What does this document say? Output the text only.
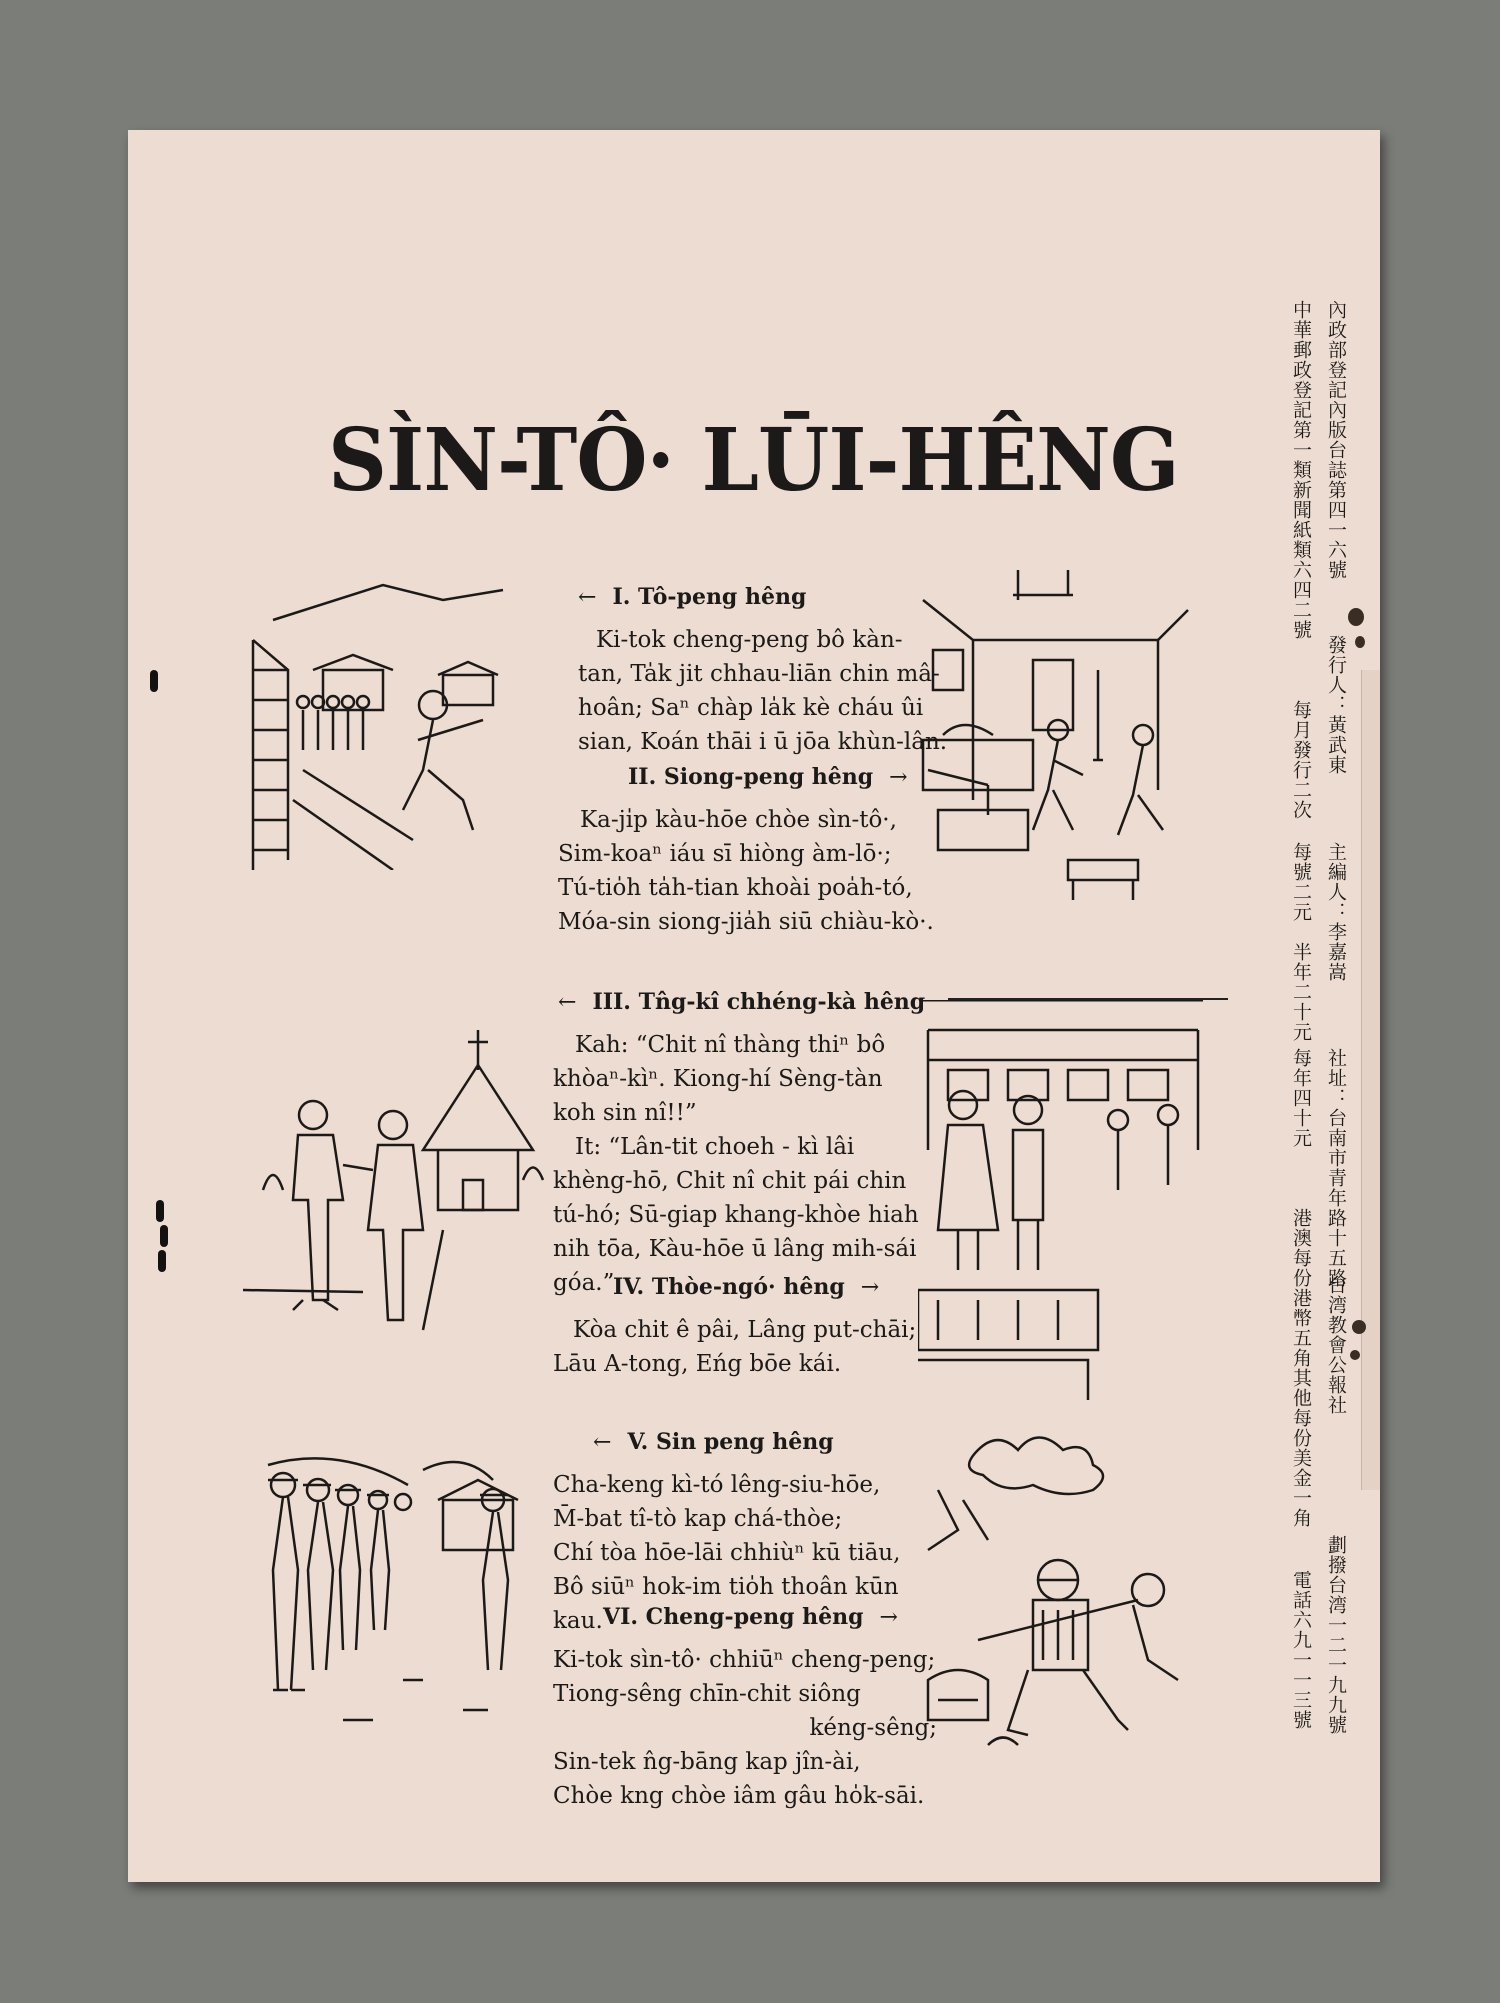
SÌN-TÔ· LŪI-HÊNG
← I. Tô-peng hêng
Ki-tok cheng-peng bô kàn-
tan, Ta̍k jit chhau-liān chin mâ-
hoân; Saⁿ chàp la̍k kè cháu ûi
sian, Koán thāi i ū jōa khùn-lân.
II. Siong-peng hêng →
Ka-ji̍p kàu-hōe chòe sìn-tô·,
Sim-koaⁿ iáu sī hiòng àm-lō·;
Tú-tio̍h ta̍h-tian khoài poa̍h-tó,
Móa-sin siong-jia̍h siū chiàu-kò·.
← III. Tn̂g-kî chhéng-kà hêng
Kah: “Chit nî thàng thiⁿ bô
khòaⁿ-kìⁿ. Kiong-hí Sèng-tàn
koh sin nî!!”
It: “Lân-tit choeh - kì lâi
khèng-hō, Chit nî chit pái chin
tú-hó; Sū-giap khang-khòe hiah
nih tōa, Kàu-hōe ū lâng mih-sái
góa.”
IV. Thòe-ngó· hêng →
Kòa chit ê pâi, Lâng put-chāi;
Lāu A-tong, Eńg bōe kái.
← V. Sin peng hêng
Cha-keng kì-tó lêng-siu-hōe,
M̄-bat tî-tò kap chá-thòe;
Chí tòa hōe-lāi chhiùⁿ kū tiāu,
Bô siūⁿ hok-im tio̍h thoân kūn
kau. VI. Cheng-peng hêng →
Ki-tok sìn-tô· chhiūⁿ cheng-peng;
Tiong-sêng chīn-chit siông
kéng-sêng;
Sin-tek n̂g-bāng kap jîn-ài,
Chòe kng chòe iâm gâu ho̍k-sāi.
內政部登記內版台誌第四一六號
中華郵政登記第一類新聞紙類六四二號
發行人：黃武東
每月發行二次
主編人：李嘉嵩
每號二元　半年二十元
社址：台南市青年路十五路
每年四十元
台湾教會公報社
港澳每份港幣五角其他每份美金一角
劃撥台湾一二一九九號
電話六九一一三號
